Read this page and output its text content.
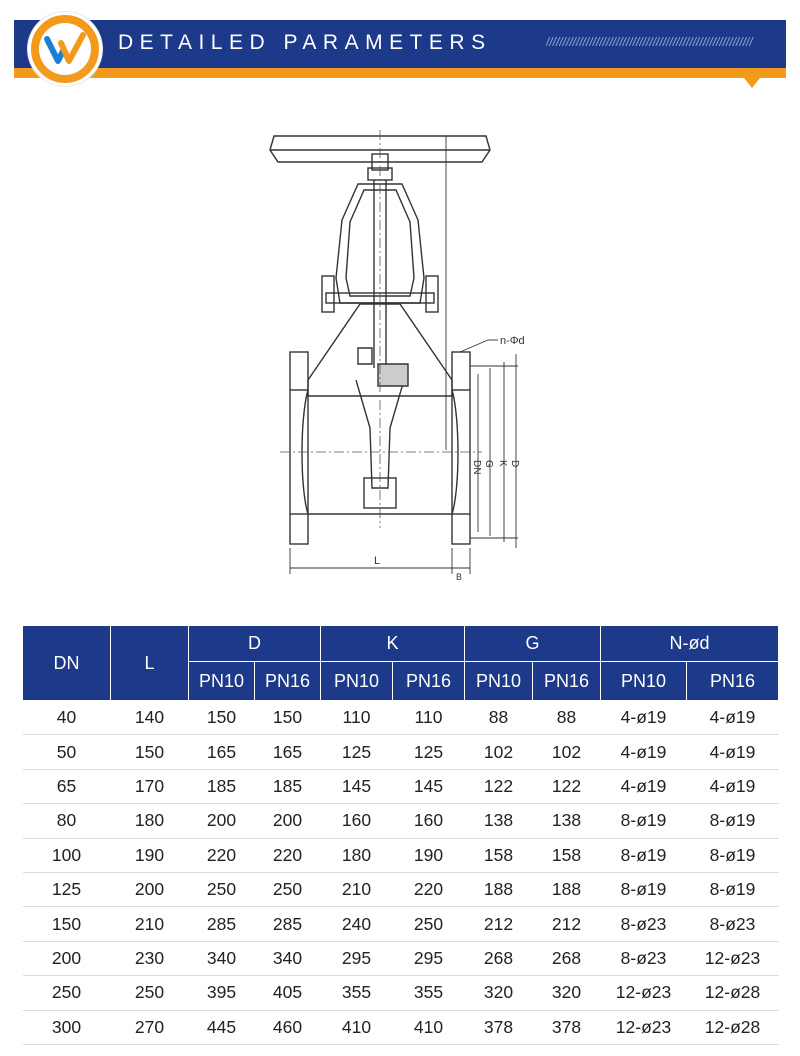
DETAILED PARAMETERS	//////////////////////////////////////////////////////////////
n-Φd
DN G K D
L
B
DN	L	D		K		G		N-ød	
		PN10	PN16	PN10	PN16	PN10	PN16	PN10	PN16
40	140	150	150	110	110	88	88	4-ø19	4-ø19
50	150	165	165	125	125	102	102	4-ø19	4-ø19
65	170	185	185	145	145	122	122	4-ø19	4-ø19
80	180	200	200	160	160	138	138	8-ø19	8-ø19
100	190	220	220	180	190	158	158	8-ø19	8-ø19
125	200	250	250	210	220	188	188	8-ø19	8-ø19
150	210	285	285	240	250	212	212	8-ø23	8-ø23
200	230	340	340	295	295	268	268	8-ø23	12-ø23
250	250	395	405	355	355	320	320	12-ø23	12-ø28
300	270	445	460	410	410	378	378	12-ø23	12-ø28
